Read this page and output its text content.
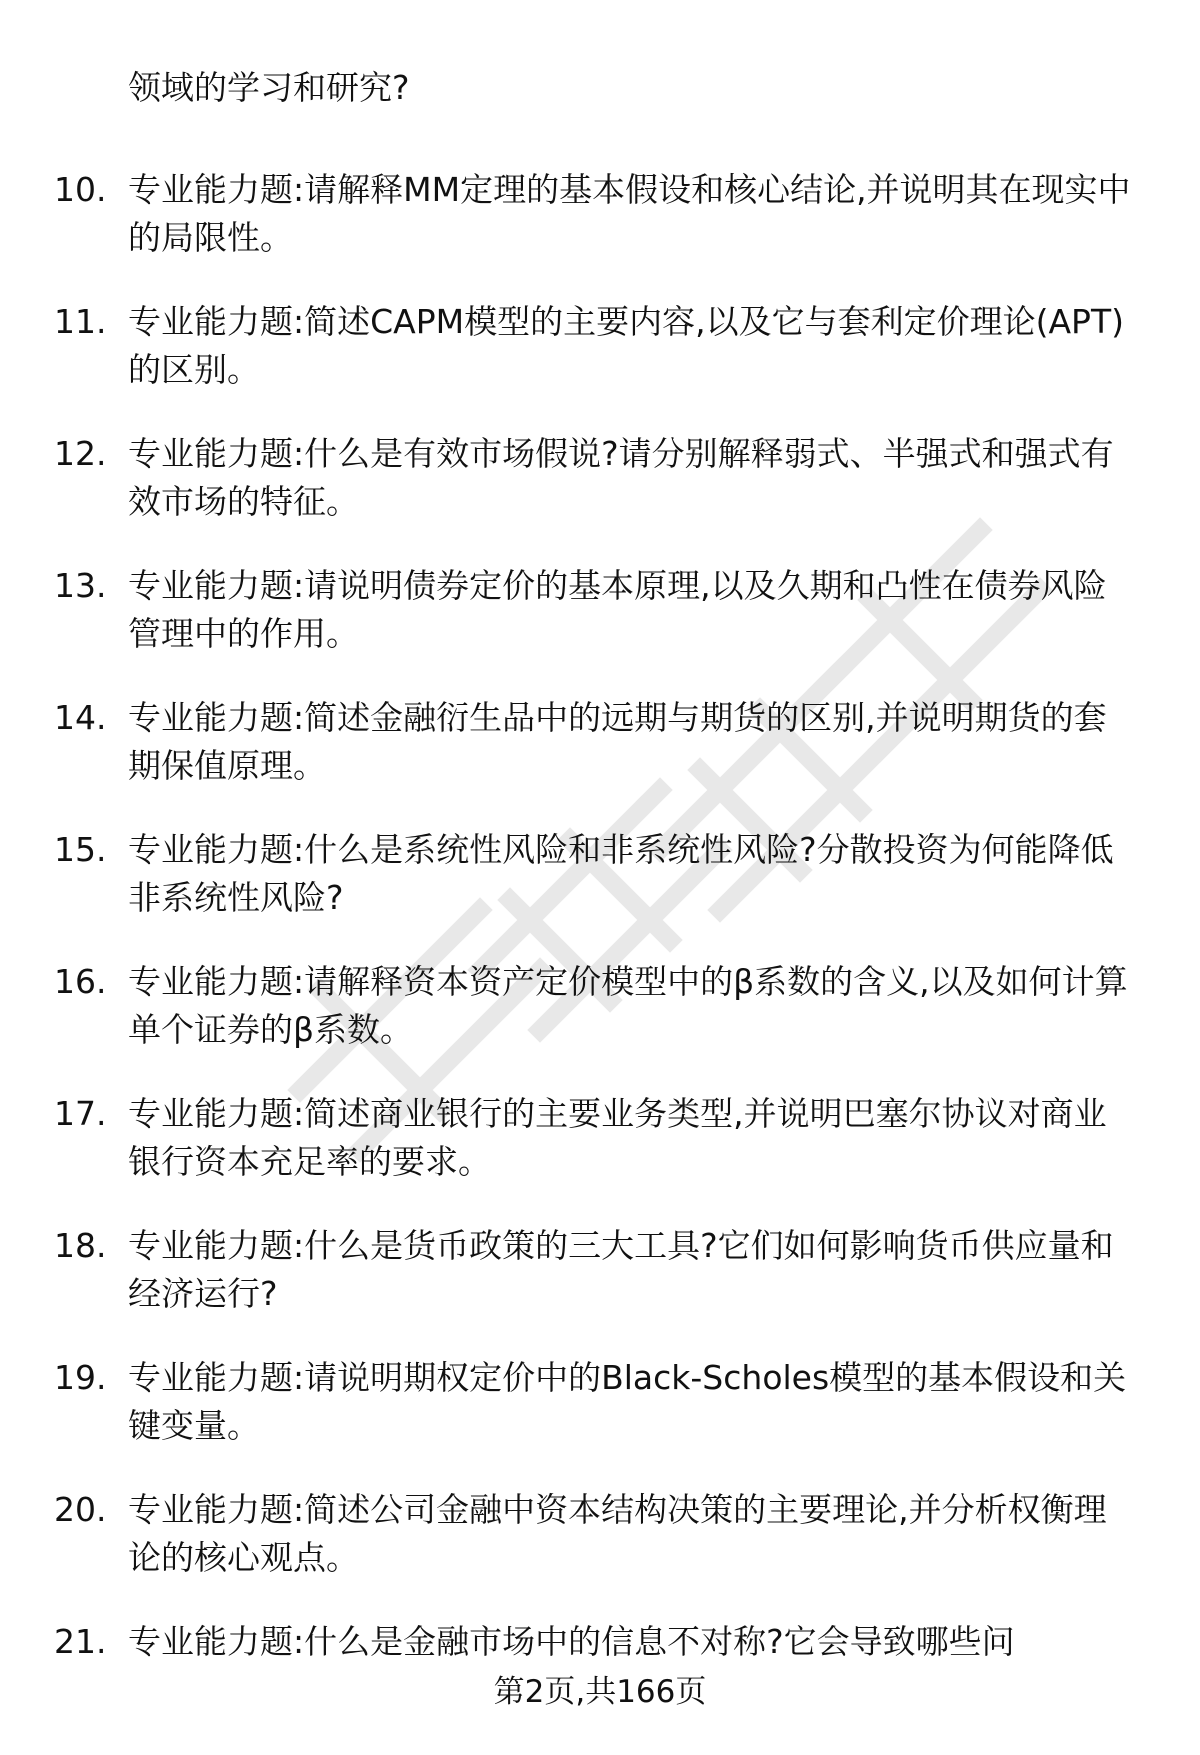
领域的学习和研究?
10. 专业能力题:请解释MM定理的基本假设和核心结论,并说明其在现实中的局限性。
11. 专业能力题:简述CAPM模型的主要内容,以及它与套利定价理论(APT)的区别。
12. 专业能力题:什么是有效市场假说?请分别解释弱式、半强式和强式有效市场的特征。
13. 专业能力题:请说明债券定价的基本原理,以及久期和凸性在债券风险管理中的作用。
14. 专业能力题:简述金融衍生品中的远期与期货的区别,并说明期货的套期保值原理。
15. 专业能力题:什么是系统性风险和非系统性风险?分散投资为何能降低非系统性风险?
16. 专业能力题:请解释资本资产定价模型中的β系数的含义,以及如何计算单个证券的β系数。
17. 专业能力题:简述商业银行的主要业务类型,并说明巴塞尔协议对商业银行资本充足率的要求。
18. 专业能力题:什么是货币政策的三大工具?它们如何影响货币供应量和经济运行?
19. 专业能力题:请说明期权定价中的Black-Scholes模型的基本假设和关键变量。
20. 专业能力题:简述公司金融中资本结构决策的主要理论,并分析权衡理论的核心观点。
21. 专业能力题:什么是金融市场中的信息不对称?它会导致哪些问
第2页,共166页
